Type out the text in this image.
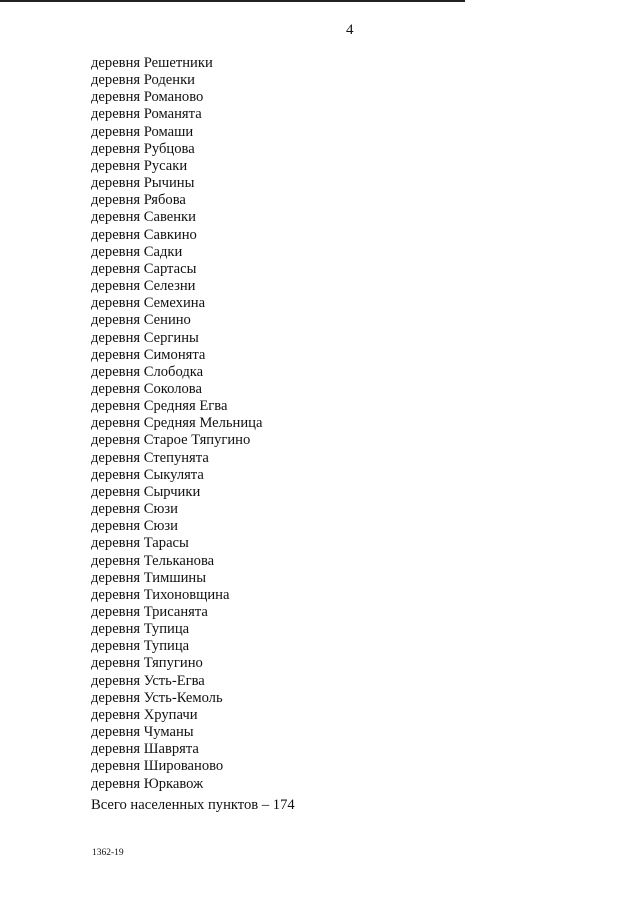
4
деревня Решетники
деревня Роденки
деревня Романово
деревня Романята
деревня Ромаши
деревня Рубцова
деревня Русаки
деревня Рычины
деревня Рябова
деревня Савенки
деревня Савкино
деревня Садки
деревня Сартасы
деревня Селезни
деревня Семехина
деревня Сенино
деревня Сергины
деревня Симонята
деревня Слободка
деревня Соколова
деревня Средняя Егва
деревня Средняя Мельница
деревня Старое Тяпугино
деревня Степунята
деревня Сыкулята
деревня Сырчики
деревня Сюзи
деревня Сюзи
деревня Тарасы
деревня Тельканова
деревня Тимшины
деревня Тихоновщина
деревня Трисанята
деревня Тупица
деревня Тупица
деревня Тяпугино
деревня Усть-Егва
деревня Усть-Кемоль
деревня Хрупачи
деревня Чуманы
деревня Шаврята
деревня Шированово
деревня Юркавож
Всего населенных пунктов – 174
1362-19
